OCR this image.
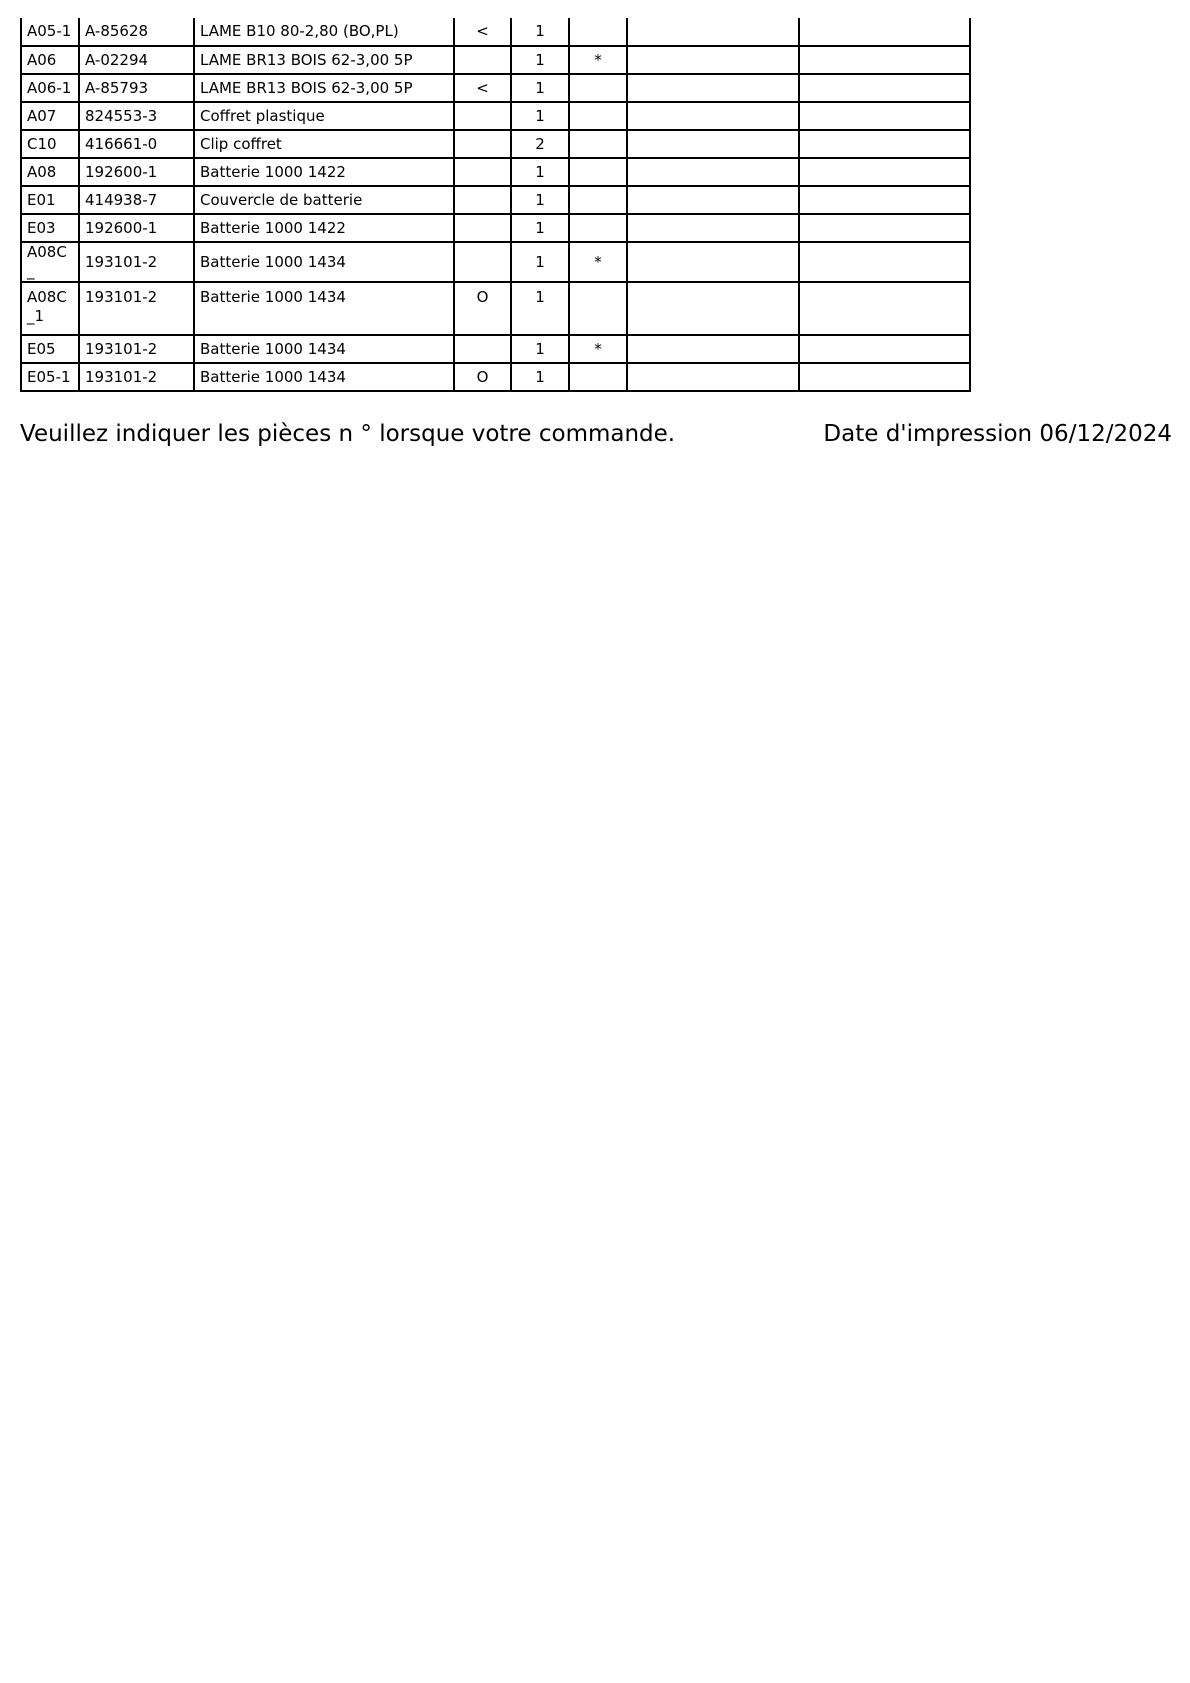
A05-1	A-85628	LAME B10 80-2,80 (BO,PL)	<	1			
A06	A-02294	LAME BR13 BOIS 62-3,00 5P		1	*		
A06-1	A-85793	LAME BR13 BOIS 62-3,00 5P	<	1			
A07	824553-3	Coffret plastique		1			
C10	416661-0	Clip coffret		2			
A08	192600-1	Batterie 1000 1422		1			
E01	414938-7	Couvercle de batterie		1			
E03	192600-1	Batterie 1000 1422		1			
A08C_	193101-2	Batterie 1000 1434		1	*		
A08C_1	193101-2	Batterie 1000 1434	O	1			
E05	193101-2	Batterie 1000 1434		1	*		
E05-1	193101-2	Batterie 1000 1434	O	1			
Veuillez indiquer les pièces n ° lorsque votre commande.	Date d'impression 06/12/2024
